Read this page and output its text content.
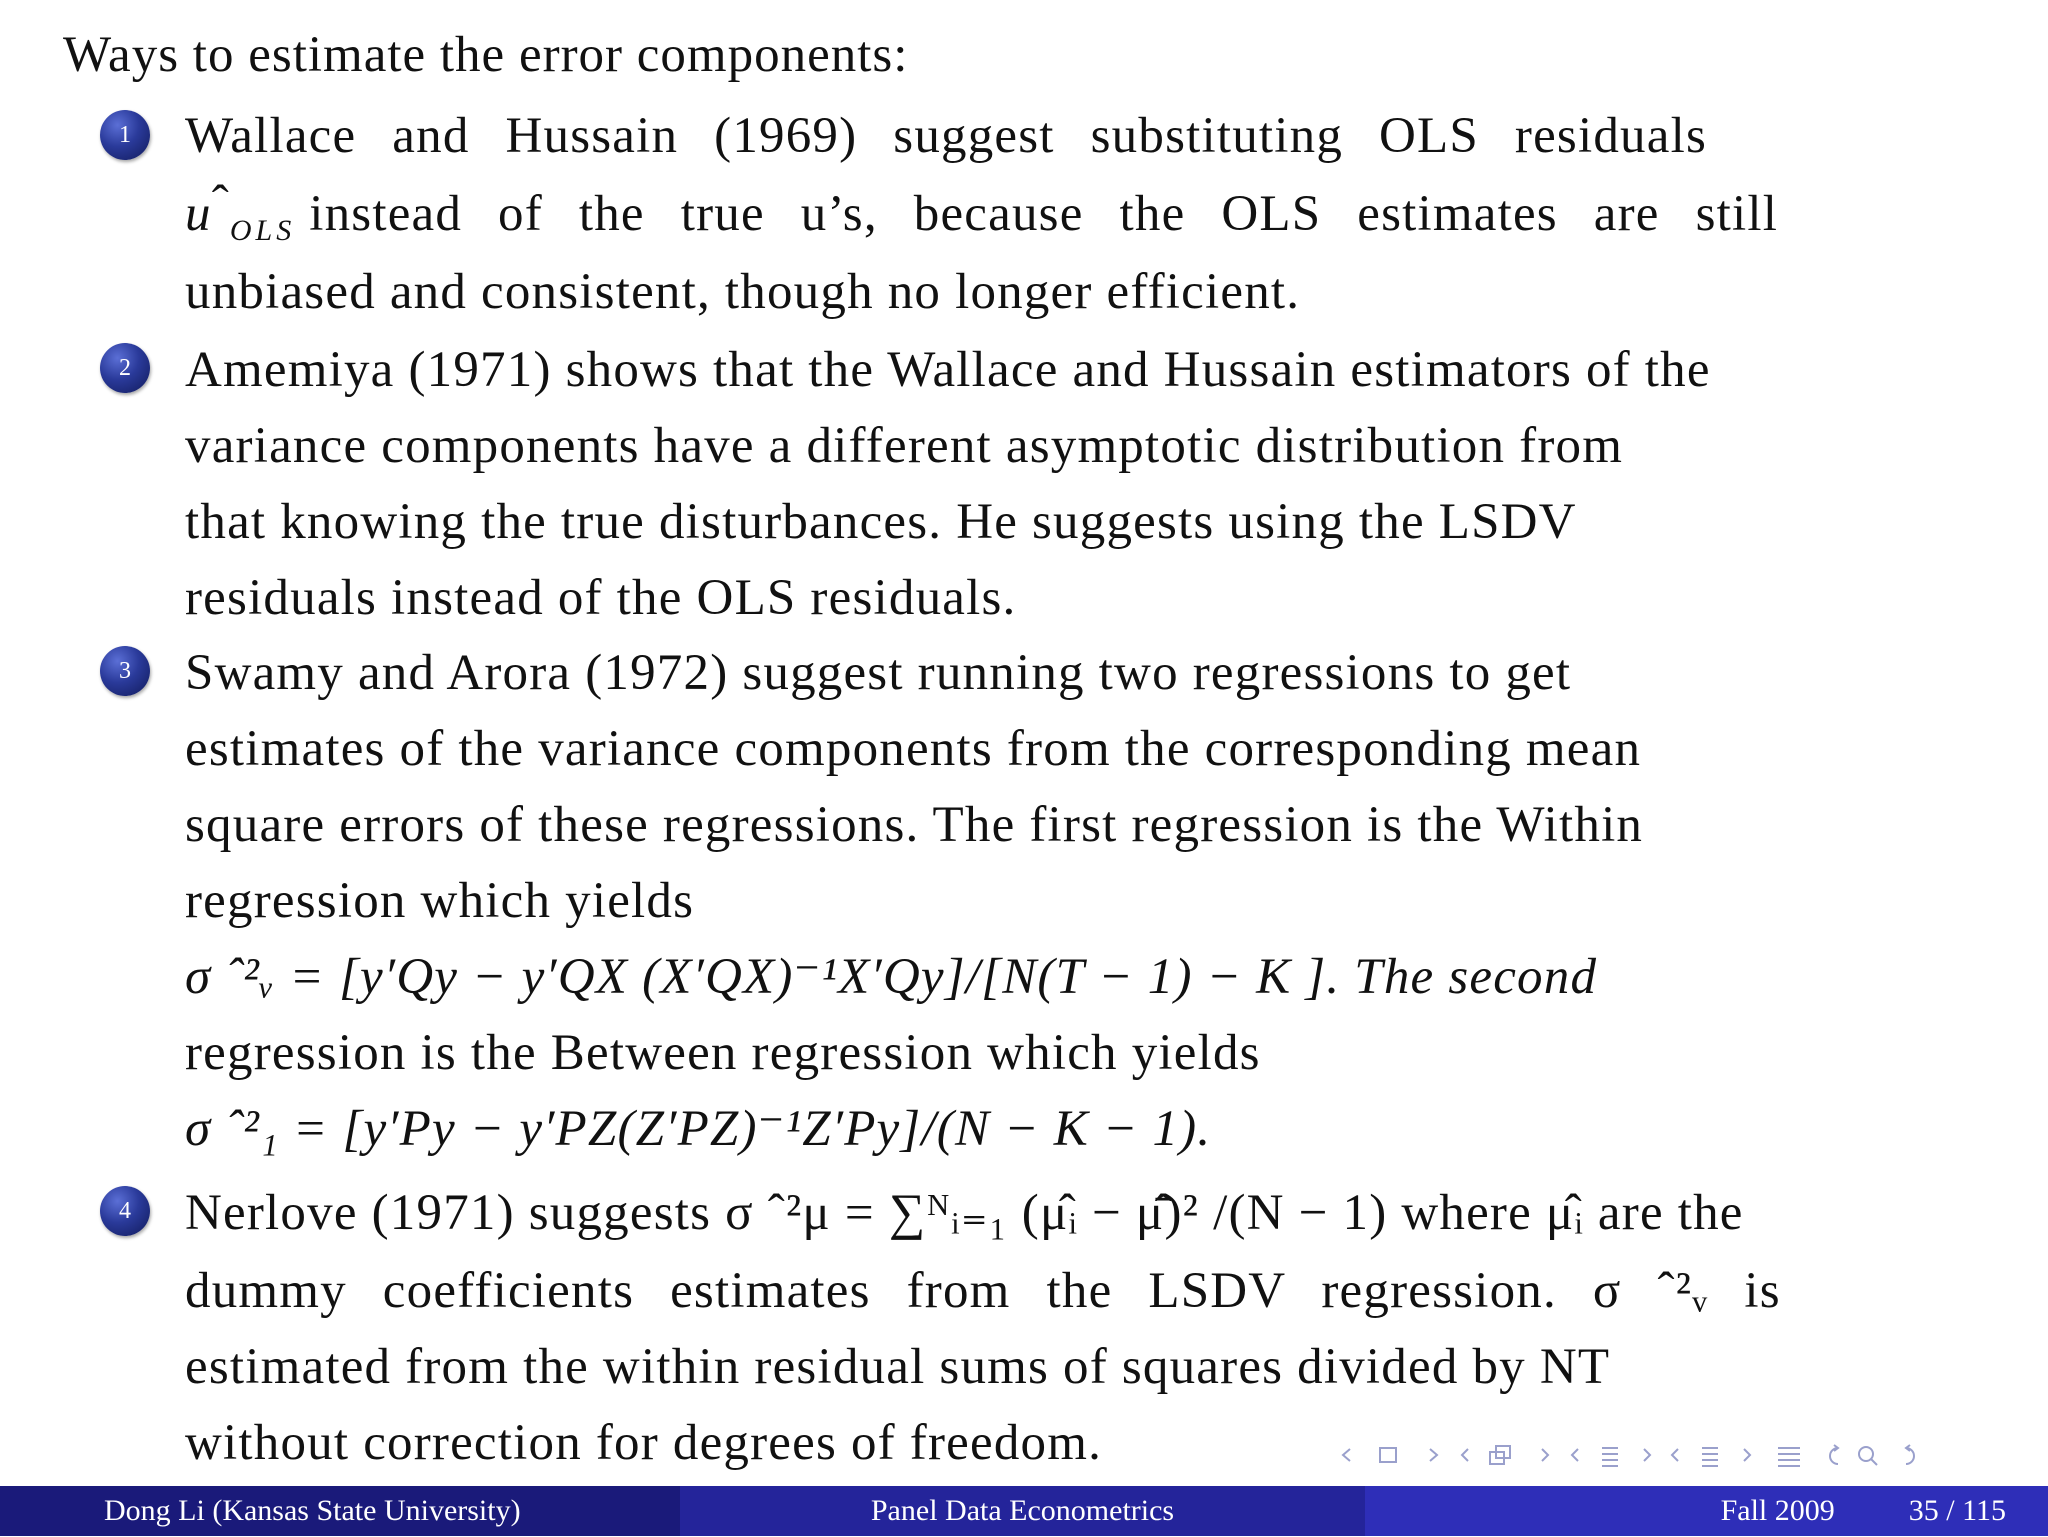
Ways to estimate the error components:
1	Wallace and Hussain (1969) suggest substituting OLS residuals
uˆ$_{OLS}$ instead of the true u’s, because the OLS estimates are still
unbiased and consistent, though no longer efficient.
2	Amemiya (1971) shows that the Wallace and Hussain estimators of the
variance components have a different asymptotic distribution from
that knowing the true disturbances. He suggests using the LSDV
residuals instead of the OLS residuals.
3	Swamy and Arora (1972) suggest running two regressions to get
estimates of the variance components from the corresponding mean
square errors of these regressions. The first regression is the Within
regression which yields
σ ˆ²ᵥ = [y′Qy − y′QX (X′QX)⁻¹X′Qy]/[N(T − 1) − K ]. The second
regression is the Between regression which yields
σ ˆ²₁ = [y′Py − y′PZ(Z′PZ)⁻¹Z′Py]/(N − K − 1).
4	Nerlove (1971) suggests σ ˆ²μ = ∑ᴺᵢ₌₁ (μ̂ᵢ − μ̄̂)² /(N − 1) where μ̂ᵢ are the
dummy coefficients estimates from the LSDV regression. σ ˆ²ᵥ is
estimated from the within residual sums of squares divided by NT
without correction for degrees of freedom.
Dong Li (Kansas State University)	Panel Data Econometrics	Fall 2009 35 / 115
